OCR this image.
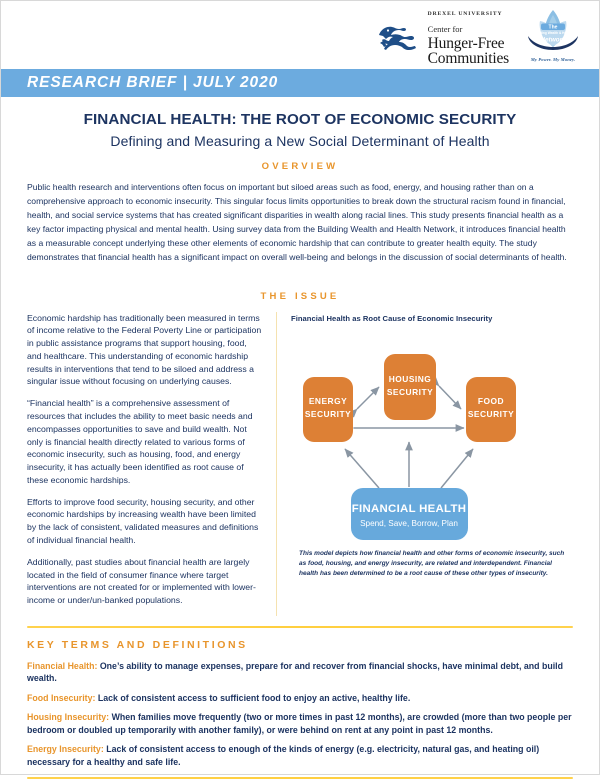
DREXEL UNIVERSITY
Center for
Hunger-Free
Communities
The
Building Wealth & Health
Network
My Power. My Money.
RESEARCH BRIEF | JULY 2020
FINANCIAL HEALTH: THE ROOT OF ECONOMIC SECURITY
Defining and Measuring a New Social Determinant of Health
OVERVIEW

Public health research and interventions often focus on important but siloed areas such as food, energy, and housing rather than on a comprehensive approach to economic insecurity. This singular focus limits opportunities to break down the structural racism found in financial, health, and social service systems that has created significant disparities in wealth along racial lines. This study presents financial health as a key factor impacting physical and mental health. Using survey data from the Building Wealth and Health Network, it introduces financial health as a measurable concept underlying these other elements of economic hardship that can contribute to greater health equity. The study demonstrates that financial health has a significant impact on overall well-being and belongs in the discussion of social determinants of health.

THE ISSUE

Economic hardship has traditionally been measured in terms of income relative to the Federal Poverty Line or participation in public assistance programs that support housing, food, and healthcare. This understanding of economic hardship results in interventions that tend to be siloed and address a singular issue without focusing on underlying causes.

“Financial health” is a comprehensive assessment of resources that includes the ability to meet basic needs and encompasses opportunities to save and build wealth. Not only is financial health directly related to various forms of economic insecurity, such as housing, food, and energy insecurity, it has actually been identified as root cause of these economic hardships.

Efforts to improve food security, housing security, and other economic hardships by increasing wealth have been limited by the lack of consistent, validated measures and definitions of individual financial health.

Additionally, past studies about financial health are largely located in the field of consumer finance where target interventions are not created for or implemented with lower-income or under/un-banked populations.

Financial Health as Root Cause of Economic Insecurity
ENERGY
SECURITY
HOUSING
SECURITY
FOOD
SECURITY
FINANCIAL HEALTH
Spend, Save, Borrow, Plan

This model depicts how financial health and other forms of economic insecurity, such as food, housing, and energy insecurity, are related and interdependent. Financial health has been determined to be a root cause of these other types of insecurity.

KEY TERMS AND DEFINITIONS

Financial Health: One’s ability to manage expenses, prepare for and recover from financial shocks, have minimal debt, and build wealth.

Food Insecurity: Lack of consistent access to sufficient food to enjoy an active, healthy life.

Housing Insecurity: When families move frequently (two or more times in past 12 months), are crowded (more than two people per bedroom or doubled up temporarily with another family), or were behind on rent at any point in past 12 months.

Energy Insecurity: Lack of consistent access to enough of the kinds of energy (e.g. electricity, natural gas, and heating oil) necessary for a healthy and safe life.
